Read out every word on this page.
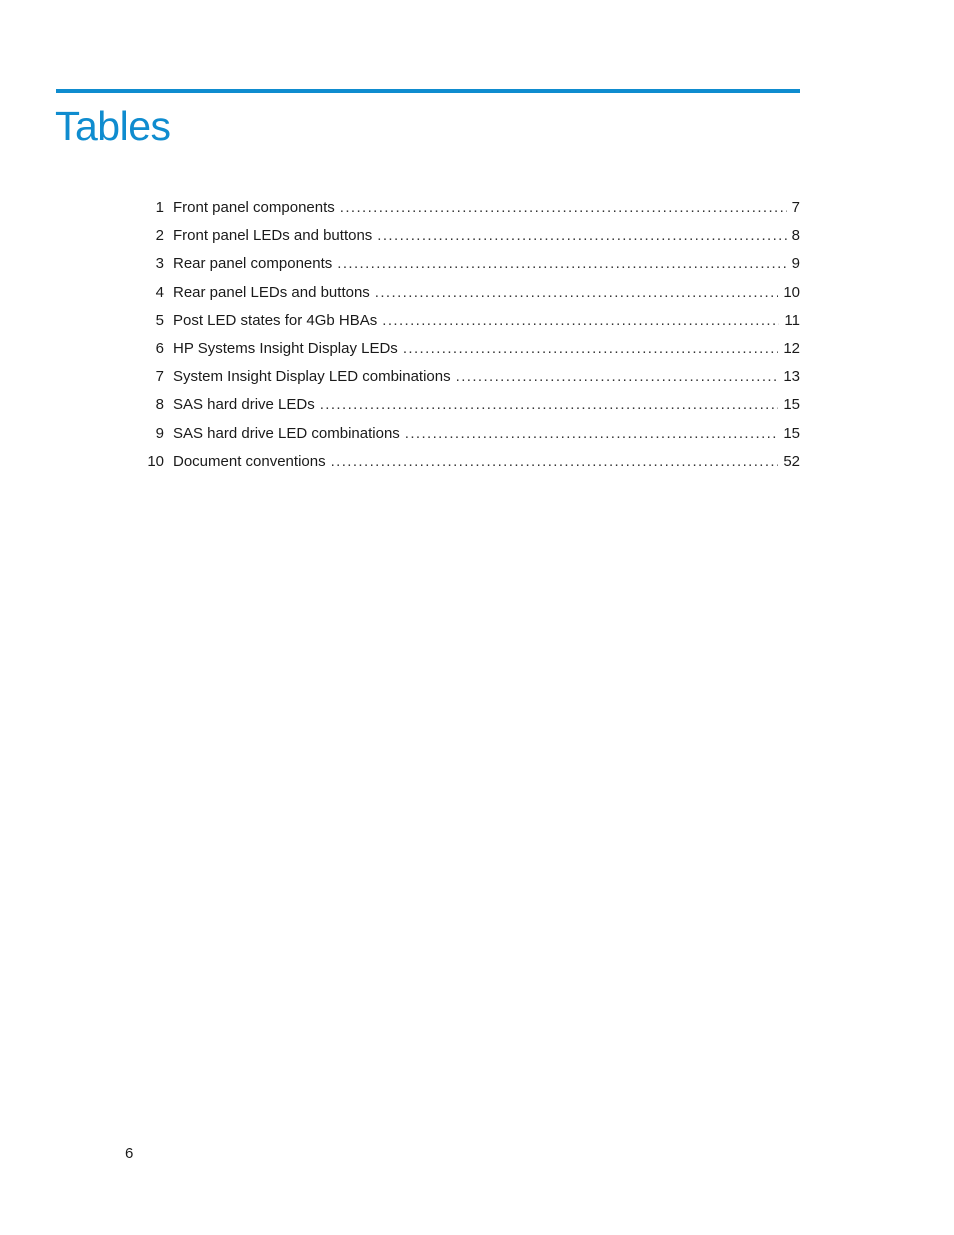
Tables
1 Front panel components .....	7
2 Front panel LEDs and buttons .....	8
3 Rear panel components .....	9
4 Rear panel LEDs and buttons .....	10
5 Post LED states for 4Gb HBAs .....	11
6 HP Systems Insight Display LEDs .....	12
7 System Insight Display LED combinations .....	13
8 SAS hard drive LEDs .....	15
9 SAS hard drive LED combinations .....	15
10 Document conventions .....	52
6
